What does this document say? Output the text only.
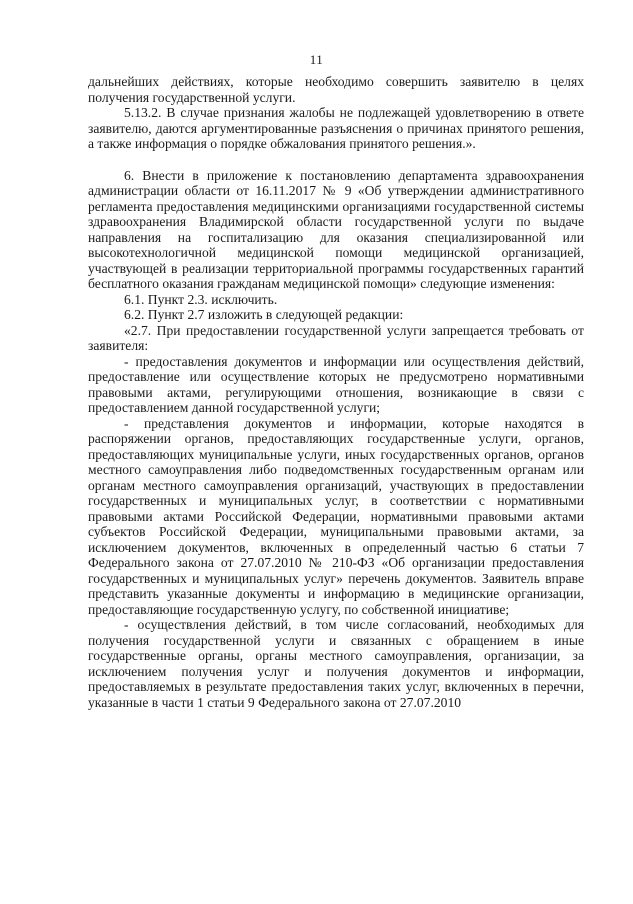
11

дальнейших действиях, которые необходимо совершить заявителю в целях получения государственной услуги.

5.13.2. В случае признания жалобы не подлежащей удовлетворению в ответе заявителю, даются аргументированные разъяснения о причинах принятого решения, а также информация о порядке обжалования принятого решения.».

6. Внести в приложение к постановлению департамента здравоохранения администрации области от 16.11.2017 № 9 «Об утверждении административного регламента предоставления медицинскими организациями государственной системы здравоохранения Владимирской области государственной услуги по выдаче направления на госпитализацию для оказания специализированной или высокотехнологичной медицинской помощи медицинской организацией, участвующей в реализации территориальной программы государственных гарантий бесплатного оказания гражданам медицинской помощи» следующие изменения:

6.1. Пункт 2.3. исключить.

6.2. Пункт 2.7 изложить в следующей редакции:

«2.7. При предоставлении государственной услуги запрещается требовать от заявителя:

- предоставления документов и информации или осуществления действий, предоставление или осуществление которых не предусмотрено нормативными правовыми актами, регулирующими отношения, возникающие в связи с предоставлением данной государственной услуги;

- представления документов и информации, которые находятся в распоряжении органов, предоставляющих государственные услуги, органов, предоставляющих муниципальные услуги, иных государственных органов, органов местного самоуправления либо подведомственных государственным органам или органам местного самоуправления организаций, участвующих в предоставлении государственных и муниципальных услуг, в соответствии с нормативными правовыми актами Российской Федерации, нормативными правовыми актами субъектов Российской Федерации, муниципальными правовыми актами, за исключением документов, включенных в определенный частью 6 статьи 7 Федерального закона от 27.07.2010 № 210-ФЗ «Об организации предоставления государственных и муниципальных услуг» перечень документов. Заявитель вправе представить указанные документы и информацию в медицинские организации, предоставляющие государственную услугу, по собственной инициативе;

- осуществления действий, в том числе согласований, необходимых для получения государственной услуги и связанных с обращением в иные государственные органы, органы местного самоуправления, организации, за исключением получения услуг и получения документов и информации, предоставляемых в результате предоставления таких услуг, включенных в перечни, указанные в части 1 статьи 9 Федерального закона от 27.07.2010
